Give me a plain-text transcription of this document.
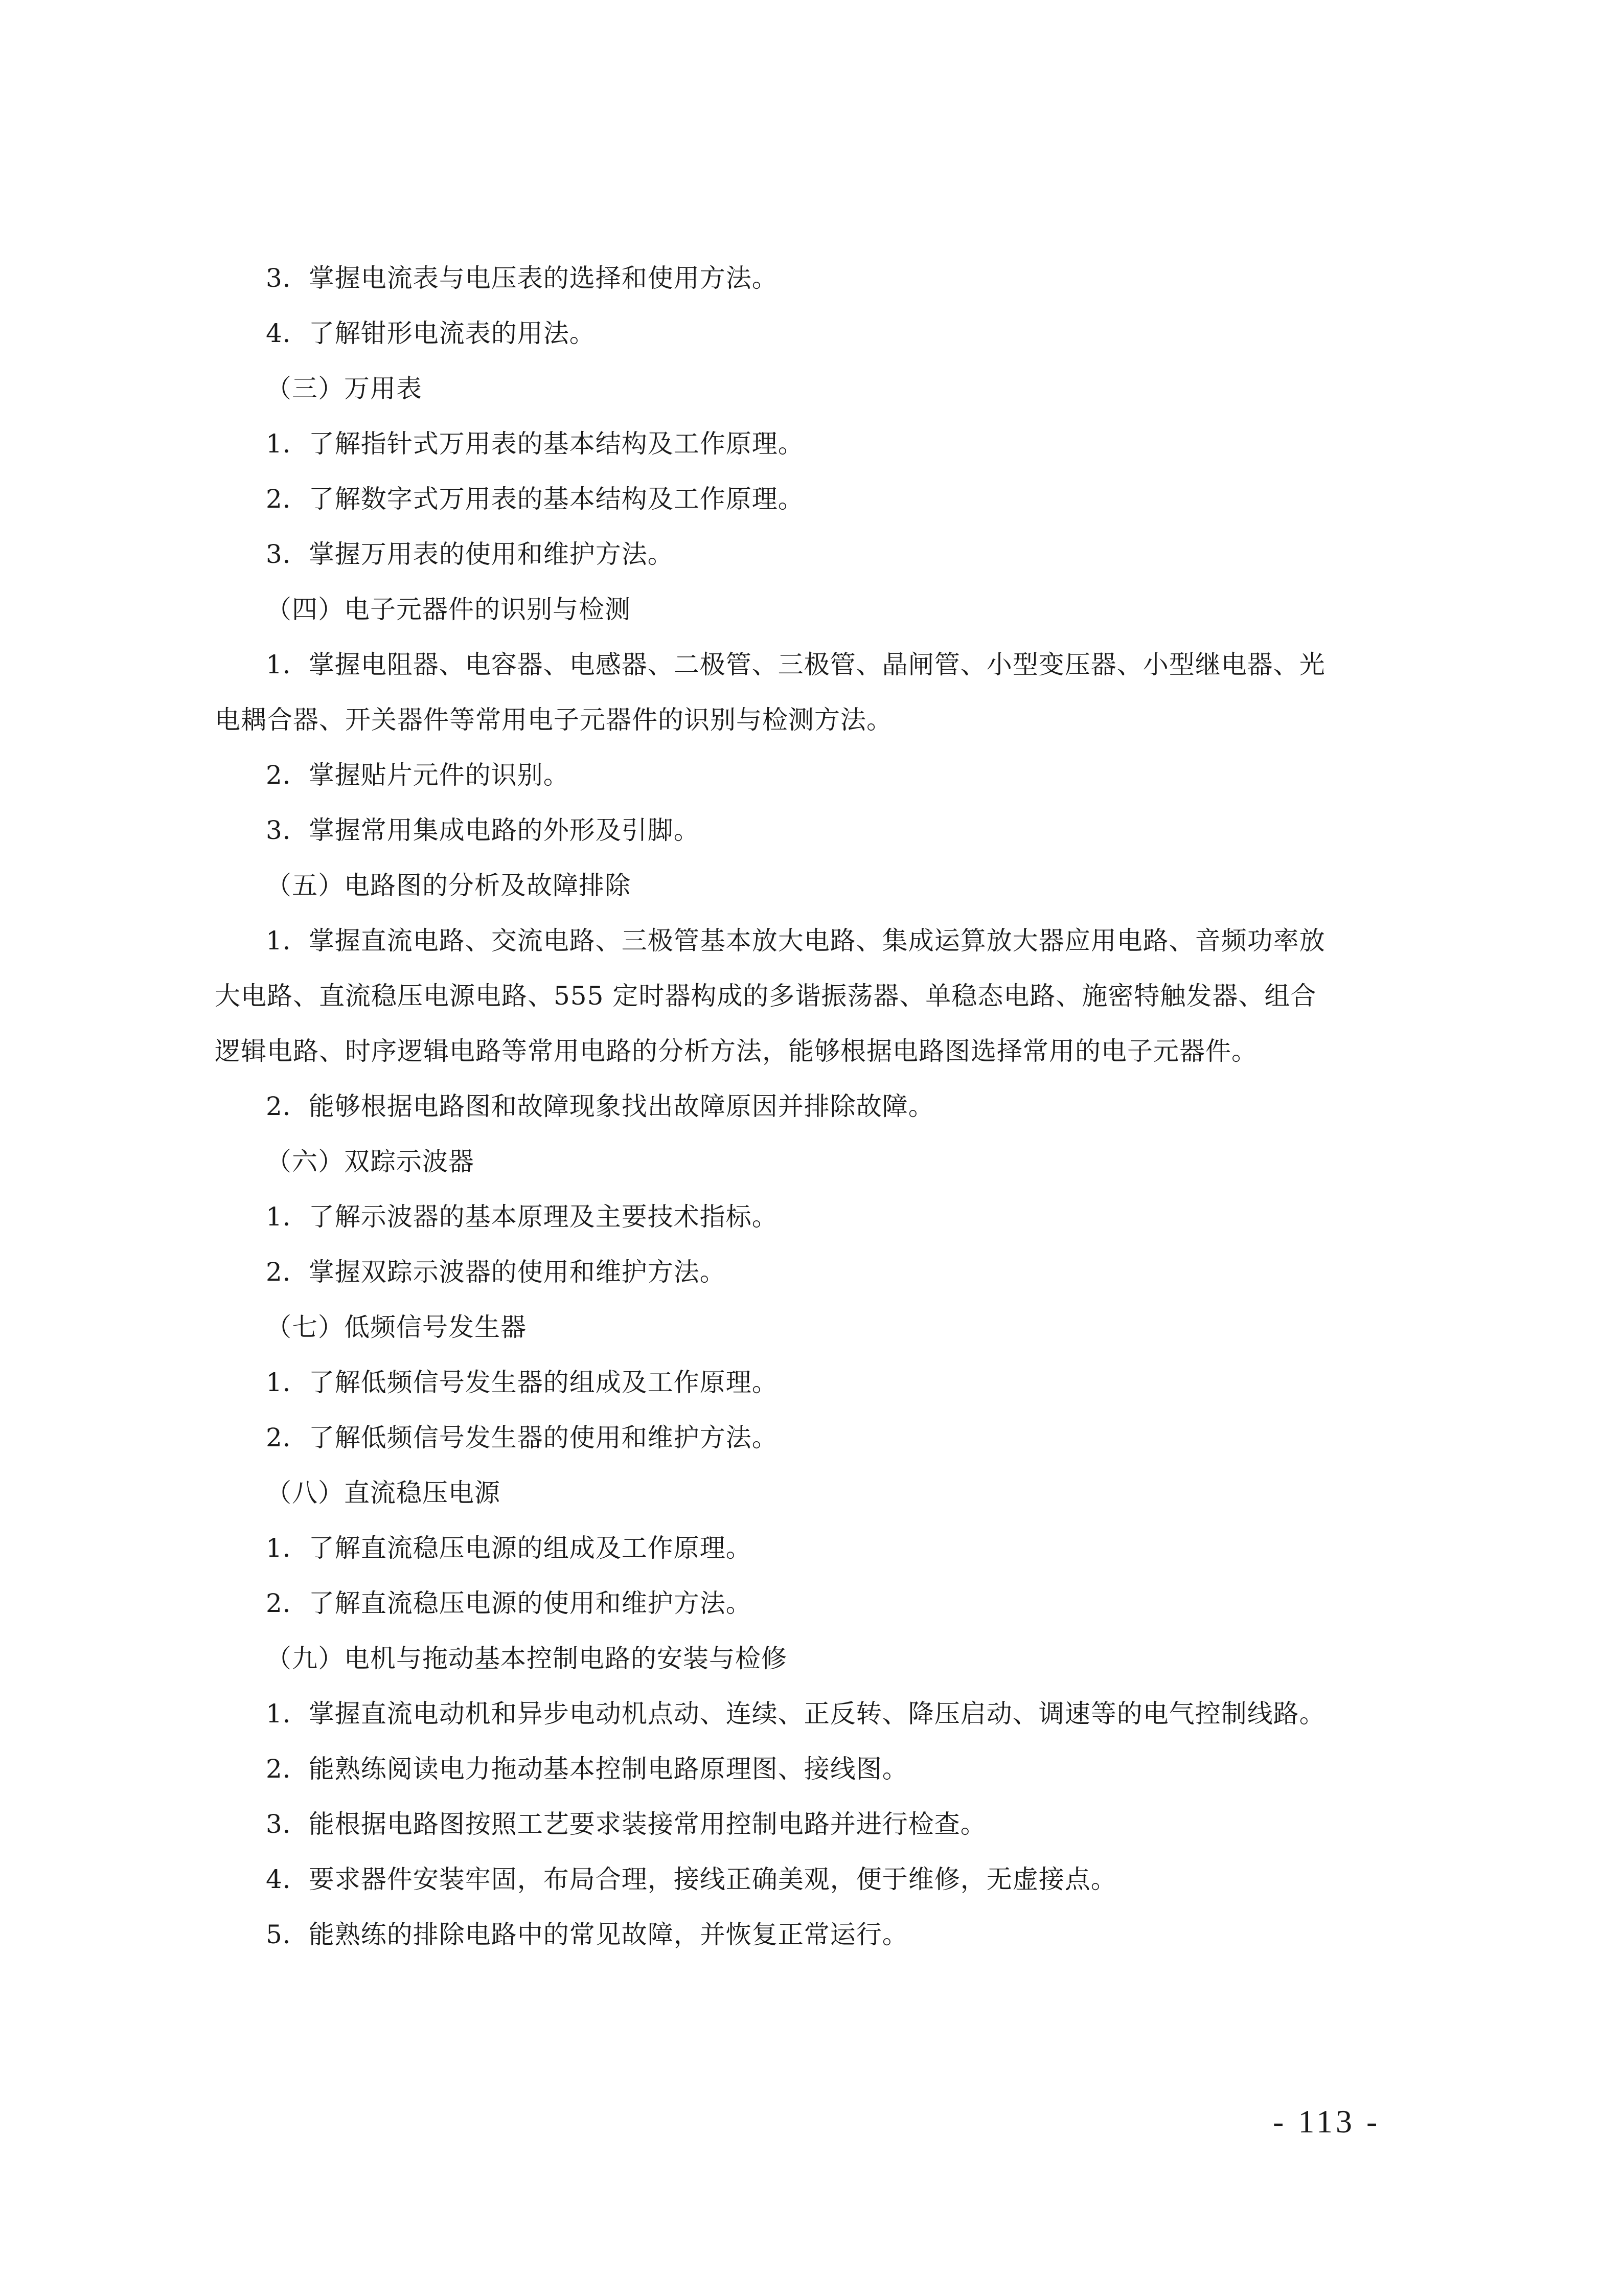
3．掌握电流表与电压表的选择和使用方法。
4．了解钳形电流表的用法。
（三）万用表
1．了解指针式万用表的基本结构及工作原理。
2．了解数字式万用表的基本结构及工作原理。
3．掌握万用表的使用和维护方法。
（四）电子元器件的识别与检测
1．掌握电阻器、电容器、电感器、二极管、三极管、晶闸管、小型变压器、小型继电器、光
电耦合器、开关器件等常用电子元器件的识别与检测方法。
2．掌握贴片元件的识别。
3．掌握常用集成电路的外形及引脚。
（五）电路图的分析及故障排除
1．掌握直流电路、交流电路、三极管基本放大电路、集成运算放大器应用电路、音频功率放
大电路、直流稳压电源电路、555 定时器构成的多谐振荡器、单稳态电路、施密特触发器、组合
逻辑电路、时序逻辑电路等常用电路的分析方法，能够根据电路图选择常用的电子元器件。
2．能够根据电路图和故障现象找出故障原因并排除故障。
（六）双踪示波器
1．了解示波器的基本原理及主要技术指标。
2．掌握双踪示波器的使用和维护方法。
（七）低频信号发生器
1．了解低频信号发生器的组成及工作原理。
2．了解低频信号发生器的使用和维护方法。
（八）直流稳压电源
1．了解直流稳压电源的组成及工作原理。
2．了解直流稳压电源的使用和维护方法。
（九）电机与拖动基本控制电路的安装与检修
1．掌握直流电动机和异步电动机点动、连续、正反转、降压启动、调速等的电气控制线路。
2．能熟练阅读电力拖动基本控制电路原理图、接线图。
3．能根据电路图按照工艺要求装接常用控制电路并进行检查。
4．要求器件安装牢固，布局合理，接线正确美观，便于维修，无虚接点。
5．能熟练的排除电路中的常见故障，并恢复正常运行。
- 113 -
